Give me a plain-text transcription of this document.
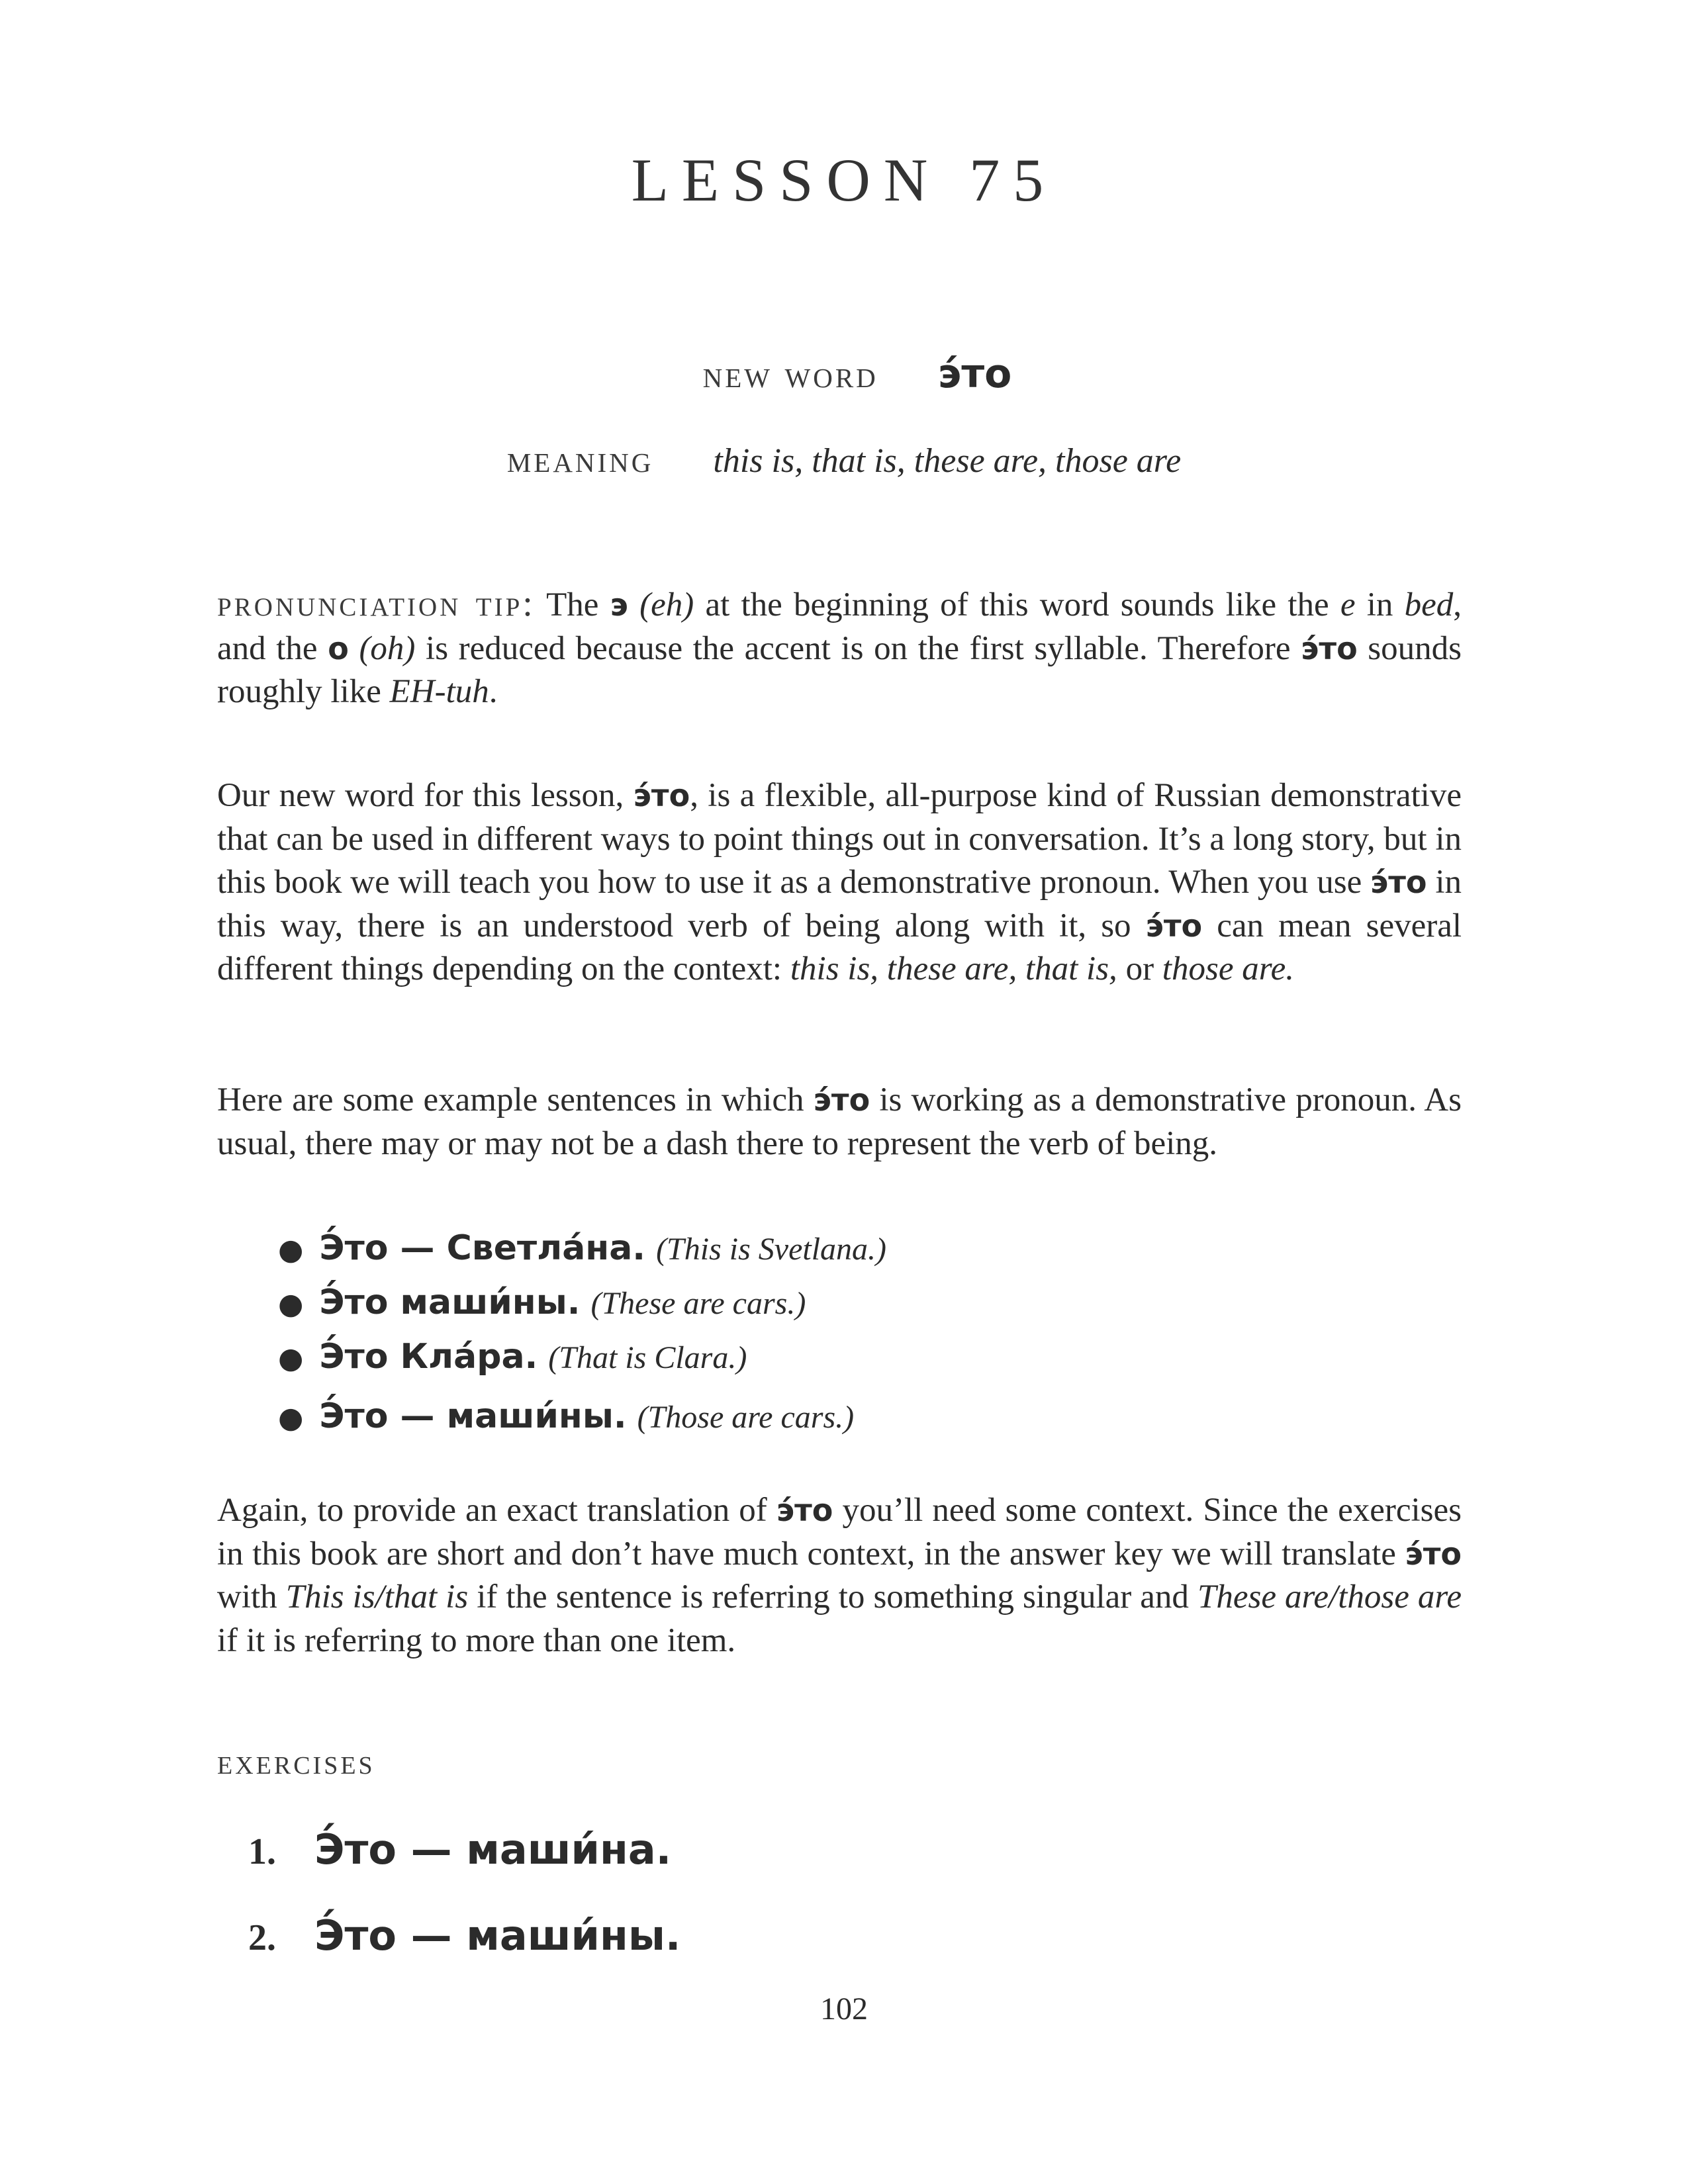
LESSON 75
new word э́то
meaning this is, that is, these are, those are
pronunciation tip: The э (eh) at the beginning of this word sounds like the e in bed, and the о (oh) is reduced because the accent is on the first syllable. Therefore э́то sounds roughly like EH-tuh.
Our new word for this lesson, э́то, is a flexible, all-purpose kind of Russian demonstrative that can be used in different ways to point things out in conversation. It’s a long story, but in this book we will teach you how to use it as a demonstrative pronoun. When you use э́то in this way, there is an understood verb of being along with it, so э́то can mean several different things depending on the context: this is, these are, that is, or those are.
Here are some example sentences in which э́то is working as a demonstrative pronoun. As usual, there may or may not be a dash there to represent the verb of being.
● Э́то — Светла́на. (This is Svetlana.)
● Э́то маши́ны. (These are cars.)
● Э́то Кла́ра. (That is Clara.)
● Э́то — маши́ны. (Those are cars.)
Again, to provide an exact translation of э́то you’ll need some context. Since the exercises in this book are short and don’t have much context, in the answer key we will translate э́то with This is/that is if the sentence is referring to something singular and These are/those are if it is referring to more than one item.
exercises
1. Э́то — маши́на.
2. Э́то — маши́ны.
102
